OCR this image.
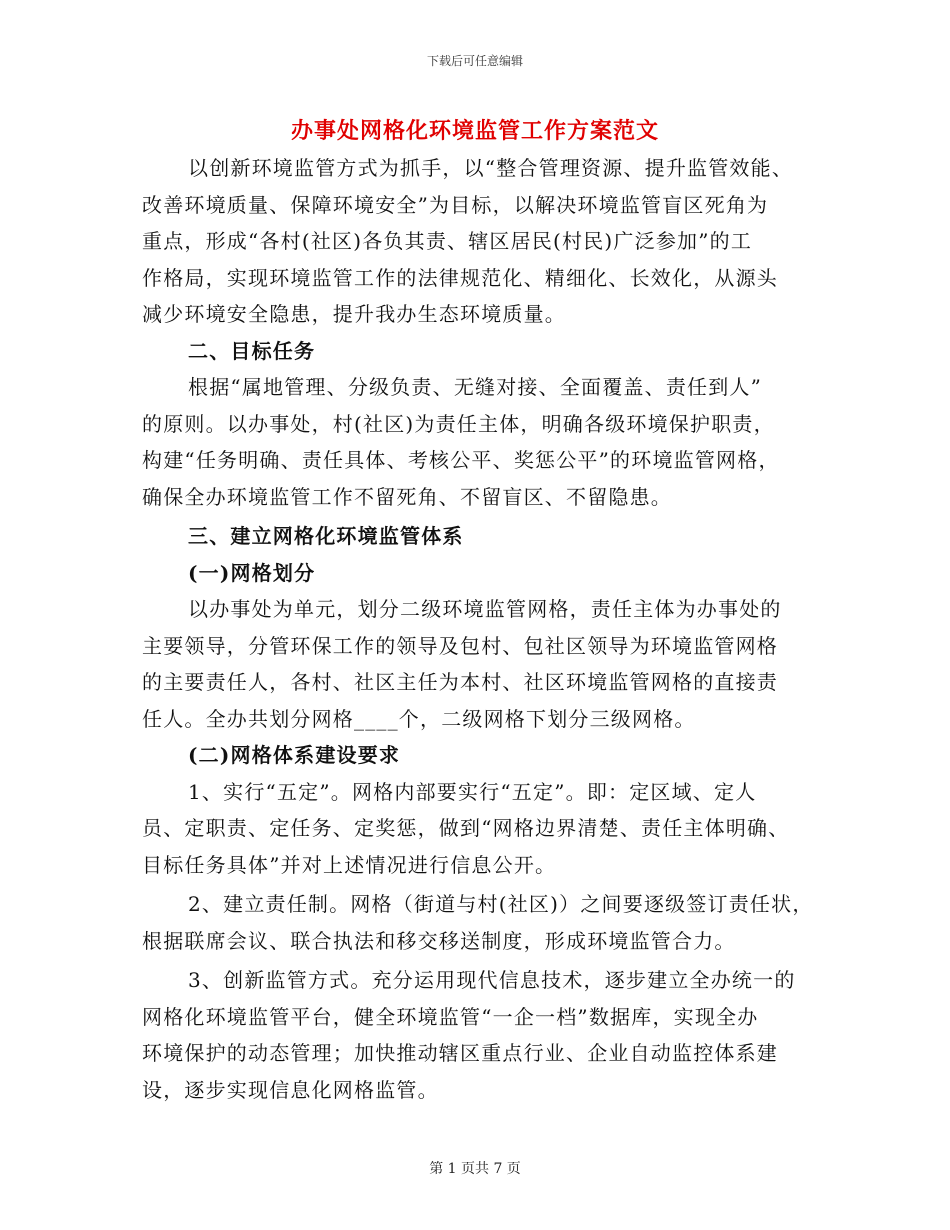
下载后可任意编辑
办事处网格化环境监管工作方案范文
以创新环境监管方式为抓手，以“整合管理资源、提升监管效能、
改善环境质量、保障环境安全”为目标，以解决环境监管盲区死角为
重点，形成“各村(社区)各负其责、辖区居民(村民)广泛参加”的工
作格局，实现环境监管工作的法律规范化、精细化、长效化，从源头
减少环境安全隐患，提升我办生态环境质量。
二、目标任务
根据“属地管理、分级负责、无缝对接、全面覆盖、责任到人”
的原则。以办事处，村(社区)为责任主体，明确各级环境保护职责，
构建“任务明确、责任具体、考核公平、奖惩公平”的环境监管网格，
确保全办环境监管工作不留死角、不留盲区、不留隐患。
三、建立网格化环境监管体系
(一)网格划分
以办事处为单元，划分二级环境监管网格，责任主体为办事处的
主要领导，分管环保工作的领导及包村、包社区领导为环境监管网格
的主要责任人，各村、社区主任为本村、社区环境监管网格的直接责
任人。全办共划分网格____个，二级网格下划分三级网格。
(二)网格体系建设要求
1、实行“五定”。网格内部要实行“五定”。即：定区域、定人
员、定职责、定任务、定奖惩，做到“网格边界清楚、责任主体明确、
目标任务具体”并对上述情况进行信息公开。
2、建立责任制。网格（街道与村(社区)）之间要逐级签订责任状，
根据联席会议、联合执法和移交移送制度，形成环境监管合力。
3、创新监管方式。充分运用现代信息技术，逐步建立全办统一的
网格化环境监管平台，健全环境监管“一企一档”数据库，实现全办
环境保护的动态管理；加快推动辖区重点行业、企业自动监控体系建
设，逐步实现信息化网格监管。
第 1 页共 7 页
